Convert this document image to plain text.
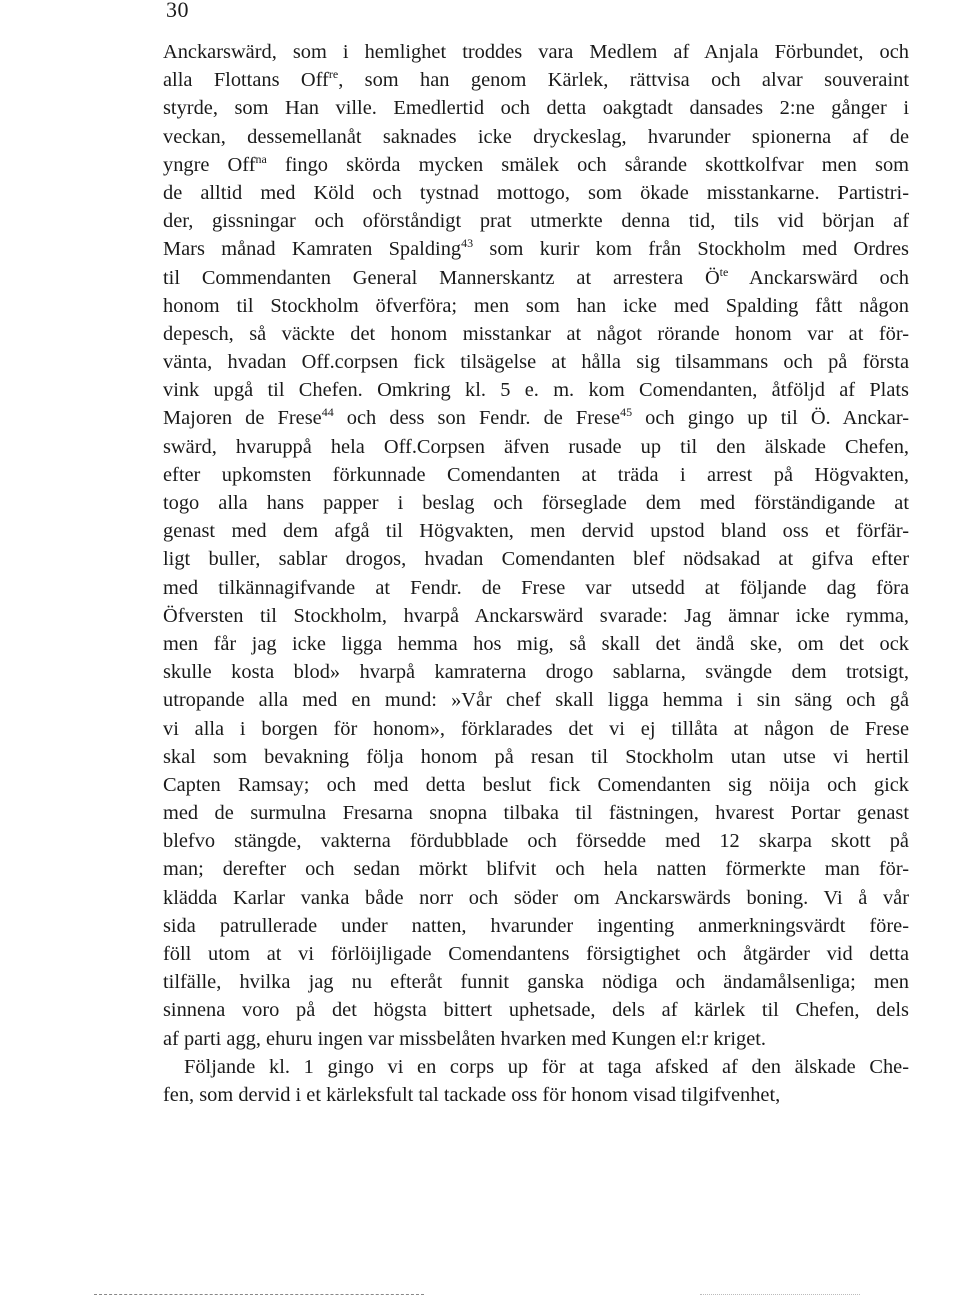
30
Anckarswärd, som i hemlighet troddes vara Medlem af Anjala Förbundet, och
alla Flottans Off$^{re}$, som han genom Kärlek, rättvisa och alvar souverаint
styrde, som Han ville. Emedlertid och detta oakgtadt dansades 2:ne gånger i
veckan, dessemellanåt saknades icke dryckeslag, hvarunder spionerna af de
yngre Off$^{na}$ fingo skörda mycken smälek och sårande skottkolfvar men som
de alltid med Köld och tystnad mottogo, som ökade misstankarne. Partistri-
der, gissningar och oförståndigt prat utmerkte denna tid, tils vid början af
Mars månad Kamraten Spalding$^{43}$ som kurir kom från Stockholm med Ordres
til Commendanten General Mannerskantz at arrestera $Ö^{te}$ Anckarswärd och
honom til Stockholm öfverföra; men som han icke med Spalding fått någon
depesch, så väckte det honom misstankar at något rörande honom var at för-
vänta, hvadan Off.corpsen fick tilsägelse at hålla sig tilsammans och på första
vink upgå til Chefen. Omkring kl. 5 e. m. kom Comendanten, åtföljd af Plats
Majoren de Frese$^{44}$ och dess son Fendr. de Frese$^{45}$ och gingo up til Ö. Anckar-
swärd, hvaruppå hela Off.Corpsen äfven rusade up til den älskade Chefen,
efter upkomsten förkunnade Comendanten at träda i arrest på Högvakten,
togo alla hans papper i beslag och förseglade dem med förständigande at
genast med dem afgå til Högvakten, men dervid upstod bland oss et förfär-
ligt buller, sablar drogos, hvadan Comendanten blef nödsakad at gifva efter
med tilkännagifvande at Fendr. de Frese var utsedd at följande dag föra
Öfversten til Stockholm, hvarpå Anckarswärd svarade: Jag ämnar icke rymma,
men får jag icke ligga hemma hos mig, så skall det ändå ske, om det ock
skulle kosta blod» hvarpå kamraterna drogo sablarna, svängde dem trotsigt,
utropande alla med en mund: »Vår chef skall ligga hemma i sin säng och gå
vi alla i borgen för honom», förklarades det vi ej tillåta at någon de Frese
skal som bevakning följa honom på resan til Stockholm utan utse vi hertil
Capten Ramsay; och med detta beslut fick Comendanten sig nöija och gick
med de surmulna Fresarna snopna tilbaka til fästningen, hvarest Portar genast
blefvo stängde, vakterna fördubblade och försedde med 12 skarpa skott på
man; derefter och sedan mörkt blifvit och hela natten förmerkte man för-
klädda Karlar vanka både norr och söder om Anckarswärds boning. Vi å vår
sida patrullerade under natten, hvarunder ingenting anmerkningsvärdt före-
föll utom at vi förlöijligade Comendantens försigtighet och åtgärder vid detta
tilfälle, hvilka jag nu efteråt funnit ganska nödiga och ändamålsenliga; men
sinnena voro på det högsta bittert uphetsade, dels af kärlek til Chefen, dels
af parti agg, ehuru ingen var missbelåten hvarken med Kungen el:r kriget.
Följande kl. 1 gingo vi en corps up för at taga afsked af den älskade Che-
fen, som dervid i et kärleksfult tal tackade oss för honom visad tilgifvenhet,
